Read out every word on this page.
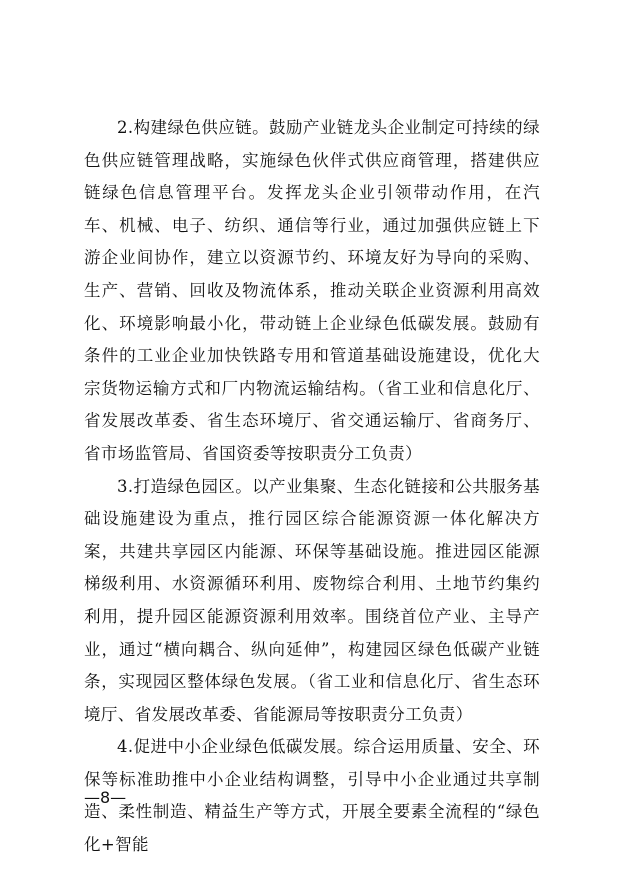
2.构建绿色供应链。鼓励产业链龙头企业制定可持续的绿色供应链管理战略，实施绿色伙伴式供应商管理，搭建供应链绿色信息管理平台。发挥龙头企业引领带动作用，在汽车、机械、电子、纺织、通信等行业，通过加强供应链上下游企业间协作，建立以资源节约、环境友好为导向的采购、生产、营销、回收及物流体系，推动关联企业资源利用高效化、环境影响最小化，带动链上企业绿色低碳发展。鼓励有条件的工业企业加快铁路专用和管道基础设施建设，优化大宗货物运输方式和厂内物流运输结构。（省工业和信息化厅、省发展改革委、省生态环境厅、省交通运输厅、省商务厅、省市场监管局、省国资委等按职责分工负责）

3.打造绿色园区。以产业集聚、生态化链接和公共服务基础设施建设为重点，推行园区综合能源资源一体化解决方案，共建共享园区内能源、环保等基础设施。推进园区能源梯级利用、水资源循环利用、废物综合利用、土地节约集约利用，提升园区能源资源利用效率。围绕首位产业、主导产业，通过“横向耦合、纵向延伸”，构建园区绿色低碳产业链条，实现园区整体绿色发展。（省工业和信息化厅、省生态环境厅、省发展改革委、省能源局等按职责分工负责）

4.促进中小企业绿色低碳发展。综合运用质量、安全、环保等标准助推中小企业结构调整，引导中小企业通过共享制造、柔性制造、精益生产等方式，开展全要素全流程的“绿色化+智能

—8—
